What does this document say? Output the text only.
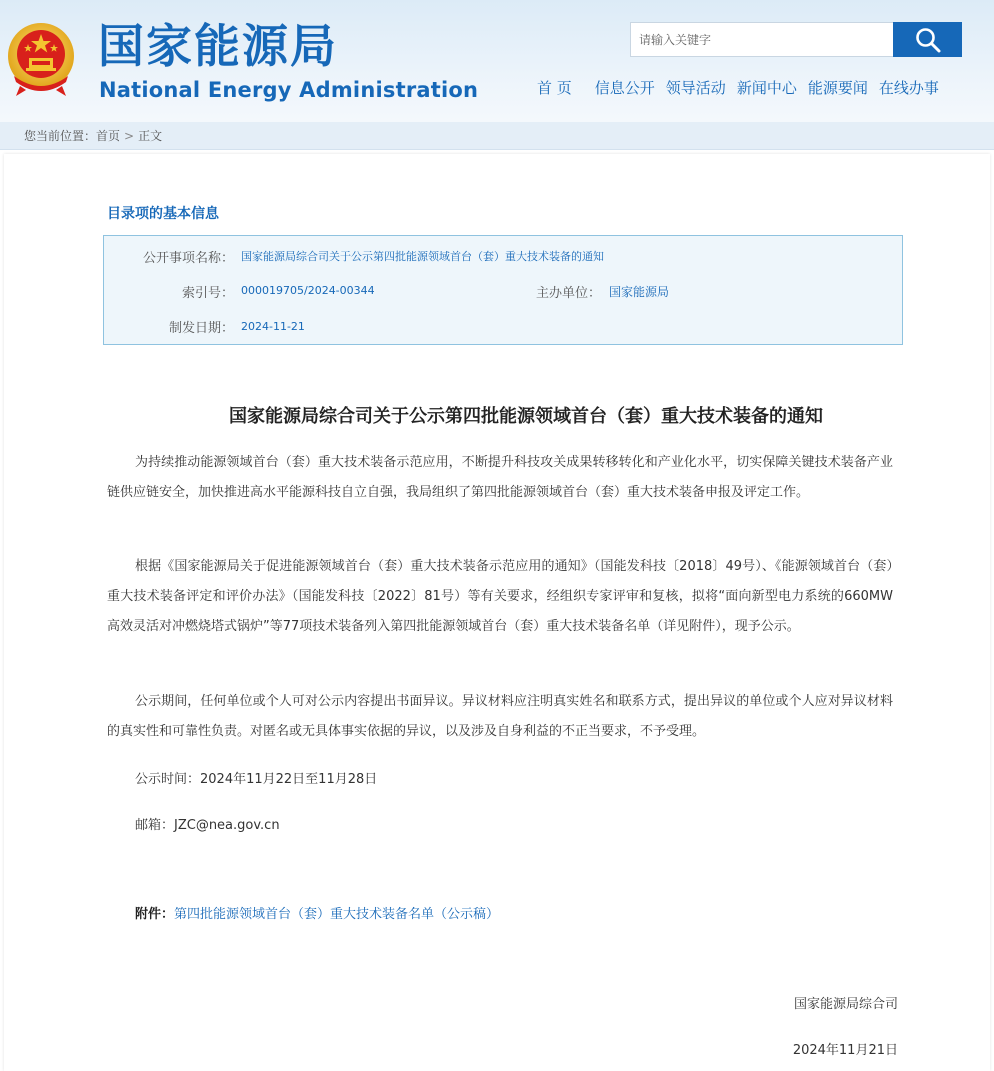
国家能源局
National Energy Administration
请输入关键字	首 页 信息公开 领导活动 新闻中心 能源要闻 在线办事
您当前位置：首页 > 正文
目录项的基本信息
公开事项名称： 国家能源局综合司关于公示第四批能源领域首台（套）重大技术装备的通知
索引号： 000019705/2024-00344	主办单位： 国家能源局
制发日期： 2024-11-21
国家能源局综合司关于公示第四批能源领域首台（套）重大技术装备的通知

为持续推动能源领域首台（套）重大技术装备示范应用，不断提升科技攻关成果转移转化和产业化水平，切实保障关键技术装备产业链供应链安全，加快推进高水平能源科技自立自强，我局组织了第四批能源领域首台（套）重大技术装备申报及评定工作。

根据《国家能源局关于促进能源领域首台（套）重大技术装备示范应用的通知》（国能发科技〔2018〕49号）、《能源领域首台（套）重大技术装备评定和评价办法》（国能发科技〔2022〕81号）等有关要求，经组织专家评审和复核，拟将“面向新型电力系统的660MW高效灵活对冲燃烧塔式锅炉”等77项技术装备列入第四批能源领域首台（套）重大技术装备名单（详见附件），现予公示。

公示期间，任何单位或个人可对公示内容提出书面异议。异议材料应注明真实姓名和联系方式，提出异议的单位或个人应对异议材料的真实性和可靠性负责。对匿名或无具体事实依据的异议，以及涉及自身利益的不正当要求，不予受理。

公示时间：2024年11月22日至11月28日
邮箱：JZC@nea.gov.cn
附件：第四批能源领域首台（套）重大技术装备名单（公示稿）
国家能源局综合司
2024年11月21日
